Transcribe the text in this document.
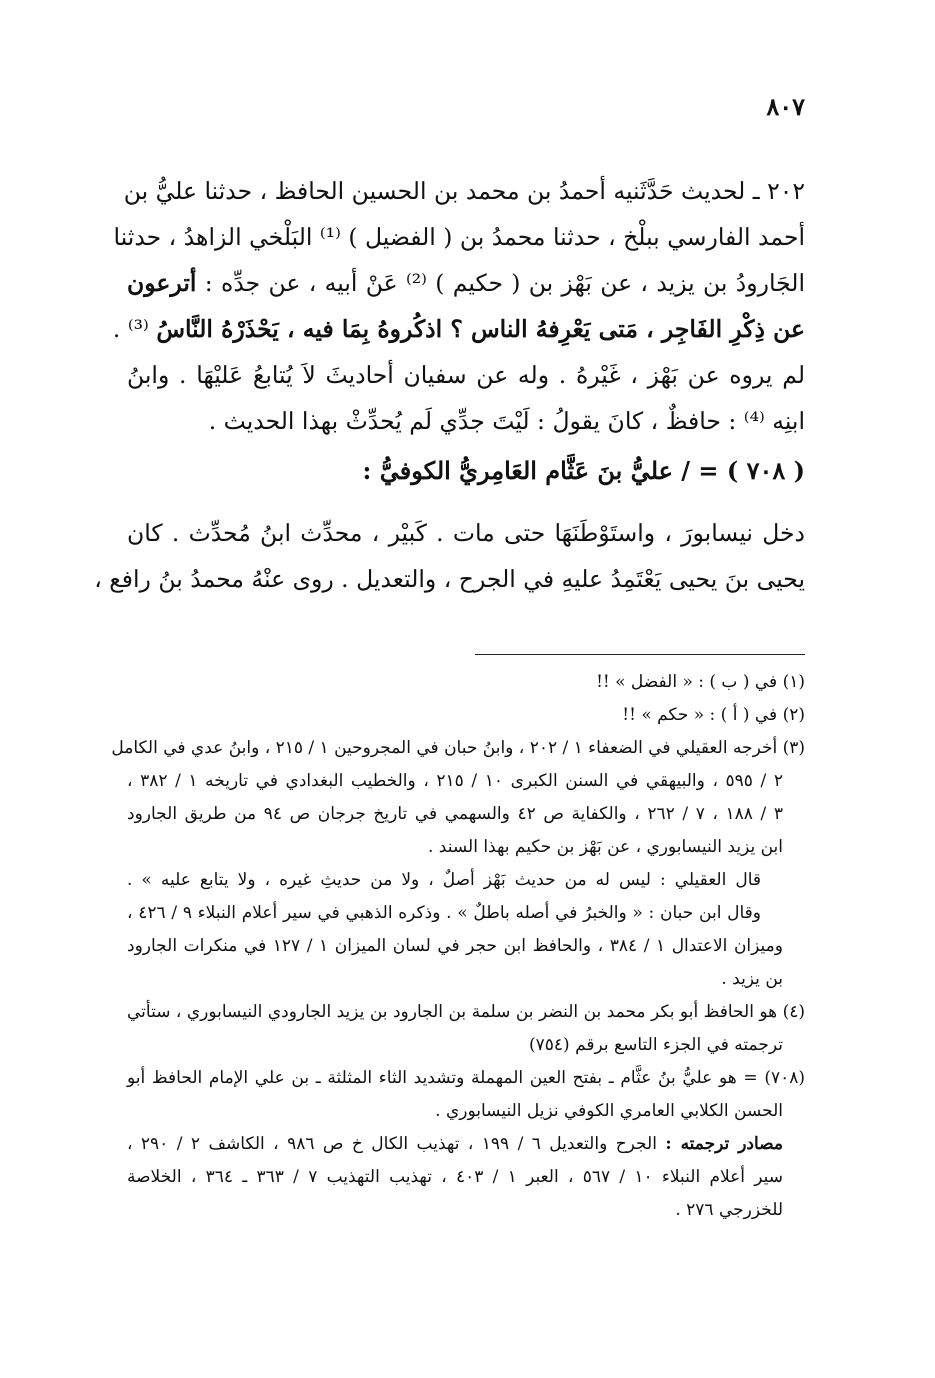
٨٠٧
٢٠٢ ـ لحديث حَدَّثَنيه أحمدُ بن محمد بن الحسين الحافظ ، حدثنا عليُّ بن
أحمد الفارسي ببلْخ ، حدثنا محمدُ بن ( الفضيل ) ⁽¹⁾ البَلْخي الزاهدُ ، حدثنا
الجَارودُ بن يزيد ، عن بَهْز بن ( حكيم ) ⁽²⁾ عَنْ أبيه ، عن جدِّه : أترعون
عن ذِكْرِ الفَاجِر ، مَتى يَعْرِفهُ الناس ؟ اذكُروهُ بِمَا فيه ، يَحْذَرْهُ النَّاسُ ⁽³⁾ .
لم يروه عن بَهْز ، غَيْرهُ . وله عن سفيان أحاديثَ لاَ يُتابعُ عَليْهَا . وابنُ
ابنِه ⁽⁴⁾ : حافظٌ ، كانَ يقولُ : لَيْتَ جدِّي لَم يُحدِّثْ بهذا الحديث .
( ٧٠٨ ) = / عليُّ بنَ عَثَّام العَامِريُّ الكوفيُّ :
دخل نيسابورَ ، واستَوْطَنَهَا حتى مات . كَبيْر ، محدِّث ابنُ مُحدِّث . كان
يحيى بنَ يحيى يَعْتَمِدُ عليهِ في الجرح ، والتعديل . روى عنْهُ محمدُ بنُ رافع ،
(١) في ( ب ) : « الفضل » !!
(٢) في ( أ ) : « حكم » !!
(٣) أخرجه العقيلي في الضعفاء ١ / ٢٠٢ ، وابنُ حبان في المجروحين ١ / ٢١٥ ، وابنُ عدي في الكامل
٢ / ٥٩٥ ، والبيهقي في السنن الكبرى ١٠ / ٢١٥ ، والخطيب البغدادي في تاريخه ١ / ٣٨٢ ،
٣ / ١٨٨ ، ٧ / ٢٦٢ ، والكفاية ص ٤٢ والسهمي في تاريخ جرجان ص ٩٤ من طريق الجارود
ابن يزيد النيسابوري ، عن بَهْز بن حكيم بهذا السند .
قال العقيلي : ليس له من حديث بَهْز أصلٌ ، ولا من حديثِ غيره ، ولا يتابع عليه » .
وقال ابن حبان : « والخبرُ في أصله باطلٌ » . وذكره الذهبي في سير أعلام النبلاء ٩ / ٤٢٦ ،
وميزان الاعتدال ١ / ٣٨٤ ، والحافظ ابن حجر في لسان الميزان ١ / ١٢٧ في منكرات الجارود
بن يزيد .
(٤) هو الحافظ أبو بكر محمد بن النضر بن سلمة بن الجارود بن يزيد الجارودي النيسابوري ، ستأتي
ترجمته في الجزء التاسع برقم (٧٥٤)
(٧٠٨) = هو عليُّ بنُ عثَّام ـ بفتح العين المهملة وتشديد الثاء المثلثة ـ بن علي الإمام الحافظ أبو
الحسن الكلابي العامري الكوفي نزيل النيسابوري .
مصادر ترجمته : الجرح والتعديل ٦ / ١٩٩ ، تهذيب الكال خ ص ٩٨٦ ، الكاشف ٢ / ٢٩٠ ،
سير أعلام النبلاء ١٠ / ٥٦٧ ، العبر ١ / ٤٠٣ ، تهذيب التهذيب ٧ / ٣٦٣ ـ ٣٦٤ ، الخلاصة
للخزرجي ٢٧٦ .
